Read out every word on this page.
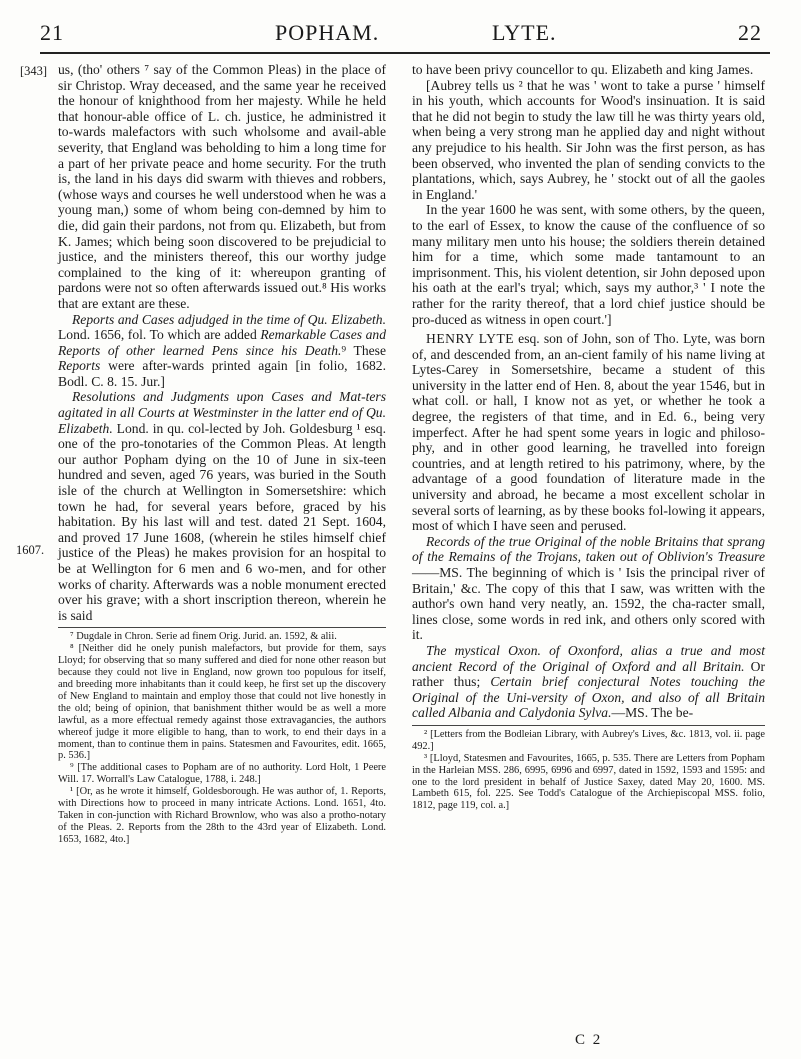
21	POPHAM.	LYTE.	22
[343]
1607.

us, (tho' others ⁷ say of the Common Pleas) in the place of sir Christop. Wray deceased, and the same year he received the honour of knighthood from her majesty. While he held that honour-able office of L. ch. justice, he administred it to-wards malefactors with such wholsome and avail-able severity, that England was beholding to him a long time for a part of her private peace and home security. For the truth is, the land in his days did swarm with thieves and robbers, (whose ways and courses he well understood when he was a young man,) some of whom being con-demned by him to die, did gain their pardons, not from qu. Elizabeth, but from K. James; which being soon discovered to be prejudicial to justice, and the ministers thereof, this our worthy judge complained to the king of it: whereupon granting of pardons were not so often afterwards issued out.⁸ His works that are extant are these.

Reports and Cases adjudged in the time of Qu. Elizabeth. Lond. 1656, fol. To which are added Remarkable Cases and Reports of other learned Pens since his Death.⁹ These Reports were after-wards printed again [in folio, 1682. Bodl. C. 8. 15. Jur.]

Resolutions and Judgments upon Cases and Mat-ters agitated in all Courts at Westminster in the latter end of Qu. Elizabeth. Lond. in qu. col-lected by Joh. Goldesburg ¹ esq. one of the pro-tonotaries of the Common Pleas. At length our author Popham dying on the 10 of June in six-teen hundred and seven, aged 76 years, was buried in the South isle of the church at Wellington in Somersetshire: which town he had, for several years before, graced by his habitation. By his last will and test. dated 21 Sept. 1604, and proved 17 June 1608, (wherein he stiles himself chief justice of the Pleas) he makes provision for an hospital to be at Wellington for 6 men and 6 wo-men, and for other works of charity. Afterwards was a noble monument erected over his grave; with a short inscription thereon, wherein he is said

⁷ Dugdale in Chron. Serie ad finem Orig. Jurid. an. 1592, & alii.

⁸ [Neither did he onely punish malefactors, but provide for them, says Lloyd; for observing that so many suffered and died for none other reason but because they could not live in England, now grown too populous for itself, and breeding more inhabitants than it could keep, he first set up the discovery of New England to maintain and employ those that could not live honestly in the old; being of opinion, that banishment thither would be as well a more lawful, as a more effectual remedy against those extravagancies, the authors whereof judge it more eligible to hang, than to work, to end their days in a moment, than to continue them in pains. Statesmen and Favourites, edit. 1665, p. 536.]

⁹ [The additional cases to Popham are of no authority. Lord Holt, 1 Peere Will. 17. Worrall's Law Catalogue, 1788, i. 248.]

¹ [Or, as he wrote it himself, Goldesborough. He was author of, 1. Reports, with Directions how to proceed in many intricate Actions. Lond. 1651, 4to. Taken in con-junction with Richard Brownlow, who was also a protho-notary of the Pleas. 2. Reports from the 28th to the 43rd year of Elizabeth. Lond. 1653, 1682, 4to.]

to have been privy councellor to qu. Elizabeth and king James.

[Aubrey tells us ² that he was ' wont to take a purse ' himself in his youth, which accounts for Wood's insinuation. It is said that he did not begin to study the law till he was thirty years old, when being a very strong man he applied day and night without any prejudice to his health. Sir John was the first person, as has been observed, who invented the plan of sending convicts to the plantations, which, says Aubrey, he ' stockt out of all the gaoles in England.'

In the year 1600 he was sent, with some others, by the queen, to the earl of Essex, to know the cause of the confluence of so many military men unto his house; the soldiers therein detained him for a time, which some made tantamount to an imprisonment. This, his violent detention, sir John deposed upon his oath at the earl's tryal; which, says my author,³ ' I note the rather for the rarity thereof, that a lord chief justice should be pro-duced as witness in open court.']

HENRY LYTE esq. son of John, son of Tho. Lyte, was born of, and descended from, an an-cient family of his name living at Lytes-Carey in Somersetshire, became a student of this university in the latter end of Hen. 8, about the year 1546, but in what coll. or hall, I know not as yet, or whether he took a degree, the registers of that time, and in Ed. 6., being very imperfect. After he had spent some years in logic and philoso-phy, and in other good learning, he travelled into foreign countries, and at length retired to his patrimony, where, by the advantage of a good foundation of literature made in the university and abroad, he became a most excellent scholar in several sorts of learning, as by these books fol-lowing it appears, most of which I have seen and perused.

Records of the true Original of the noble Britains that sprang of the Remains of the Trojans, taken out of Oblivion's Treasure——MS. The beginning of which is ' Isis the principal river of Britain,' &c. The copy of this that I saw, was written with the author's own hand very neatly, an. 1592, the cha-racter small, lines close, some words in red ink, and others only scored with it.

The mystical Oxon. of Oxonford, alias a true and most ancient Record of the Original of Oxford and all Britain. Or rather thus; Certain brief conjectural Notes touching the Original of the Uni-versity of Oxon, and also of all Britain called Albania and Calydonia Sylva.—MS. The be-

² [Letters from the Bodleian Library, with Aubrey's Lives, &c. 1813, vol. ii. page 492.]

³ [Lloyd, Statesmen and Favourites, 1665, p. 535. There are Letters from Popham in the Harleian MSS. 286, 6995, 6996 and 6997, dated in 1592, 1593 and 1595: and one to the lord president in behalf of Justice Saxey, dated May 20, 1600. MS. Lambeth 615, fol. 225. See Todd's Catalogue of the Archiepiscopal MSS. folio, 1812, page 119, col. a.]

C 2
